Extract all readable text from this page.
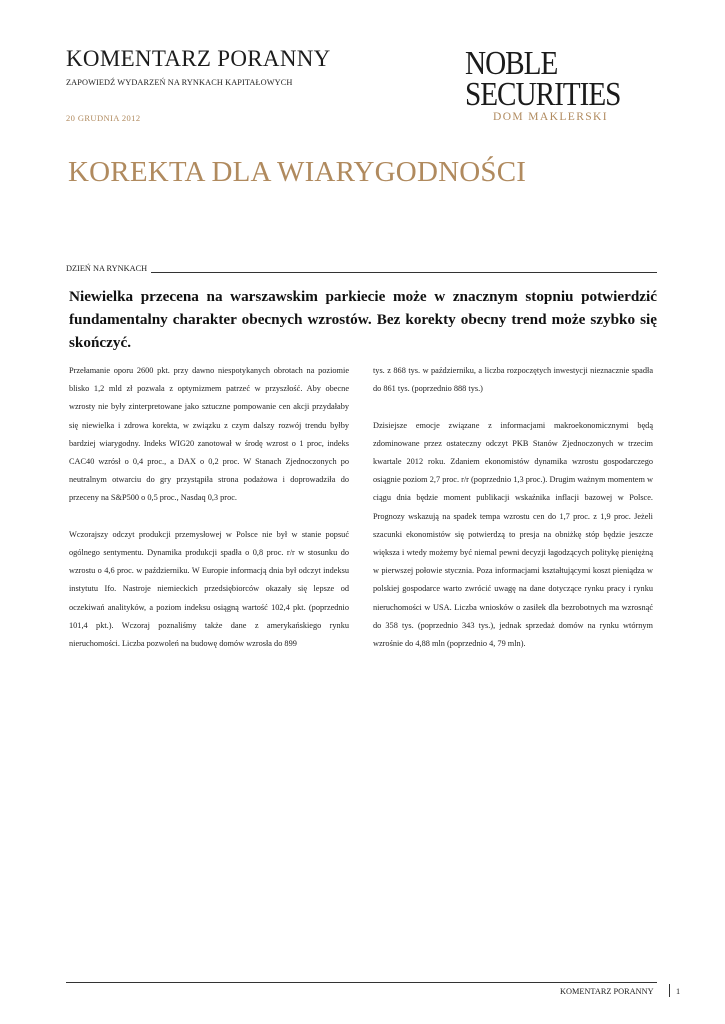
KOMENTARZ PORANNY
ZAPOWIEDŹ WYDARZEŃ NA RYNKACH KAPITAŁOWYCH
20 GRUDNIA 2012
NOBLE
SECURITIES
DOM MAKLERSKI
KOREKTA DLA WIARYGODNOŚCI
DZIEŃ NA RYNKACH
Niewielka przecena na warszawskim parkiecie może w znacznym stopniu potwierdzić fundamentalny charakter obecnych wzrostów. Bez korekty obecny trend może szybko się skończyć.

Przełamanie oporu 2600 pkt. przy dawno niespotykanych obrotach na poziomie blisko 1,2 mld zł pozwala z optymizmem patrzeć w przyszłość. Aby obecne wzrosty nie były zinterpretowane jako sztuczne pompowanie cen akcji przydałaby się niewielka i zdrowa korekta, w związku z czym dalszy rozwój trendu byłby bardziej wiarygodny. Indeks WIG20 zanotował w środę wzrost o 1 proc, indeks CAC40 wzrósł o 0,4 proc., a DAX o 0,2 proc. W Stanach Zjednoczonych po neutralnym otwarciu do gry przystąpiła strona podażowa i doprowadziła do przeceny na S&P500 o 0,5 proc., Nasdaq 0,3 proc.

Wczorajszy odczyt produkcji przemysłowej w Polsce nie był w stanie popsuć ogólnego sentymentu. Dynamika produkcji spadła o 0,8 proc. r/r w stosunku do wzrostu o 4,6 proc. w październiku. W Europie informacją dnia był odczyt indeksu instytutu Ifo. Nastroje niemieckich przedsiębiorców okazały się lepsze od oczekiwań analityków, a poziom indeksu osiągną wartość 102,4 pkt. (poprzednio 101,4 pkt.). Wczoraj poznaliśmy także dane z amerykańskiego rynku nieruchomości. Liczba pozwoleń na budowę domów wzrosła do 899

tys. z 868 tys. w październiku, a liczba rozpoczętych inwestycji nieznacznie spadła do 861 tys. (poprzednio 888 tys.)

Dzisiejsze emocje związane z informacjami makroekonomicznymi będą zdominowane przez ostateczny odczyt PKB Stanów Zjednoczonych w trzecim kwartale 2012 roku. Zdaniem ekonomistów dynamika wzrostu gospodarczego osiągnie poziom 2,7 proc. r/r (poprzednio 1,3 proc.). Drugim ważnym momentem w ciągu dnia będzie moment publikacji wskaźnika inflacji bazowej w Polsce. Prognozy wskazują na spadek tempa wzrostu cen do 1,7 proc. z 1,9 proc. Jeżeli szacunki ekonomistów się potwierdzą to presja na obniżkę stóp będzie jeszcze większa i wtedy możemy być niemal pewni decyzji łagodzących politykę pieniężną w pierwszej połowie stycznia. Poza informacjami kształtującymi koszt pieniądza w polskiej gospodarce warto zwrócić uwagę na dane dotyczące rynku pracy i rynku nieruchomości w USA. Liczba wniosków o zasiłek dla bezrobotnych ma wzrosnąć do 358 tys. (poprzednio 343 tys.), jednak sprzedaż domów na rynku wtórnym wzrośnie do 4,88 mln (poprzednio 4, 79 mln).

KOMENTARZ PORANNY	1
